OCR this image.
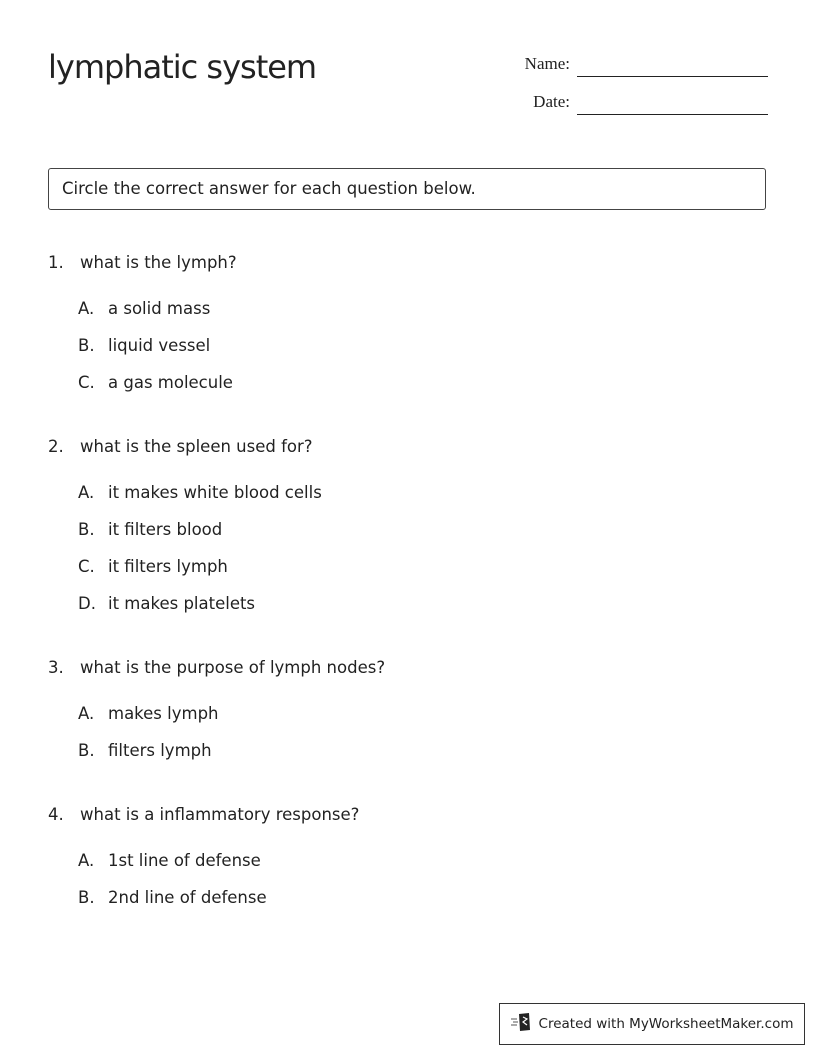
lymphatic system	Name:
Date:
Circle the correct answer for each question below.
1. what is the lymph?
A. a solid mass
B. liquid vessel
C. a gas molecule
2. what is the spleen used for?
A. it makes white blood cells
B. it filters blood
C. it filters lymph
D. it makes platelets
3. what is the purpose of lymph nodes?
A. makes lymph
B. filters lymph
4. what is a inflammatory response?
A. 1st line of defense
B. 2nd line of defense
Created with MyWorksheetMaker.com
